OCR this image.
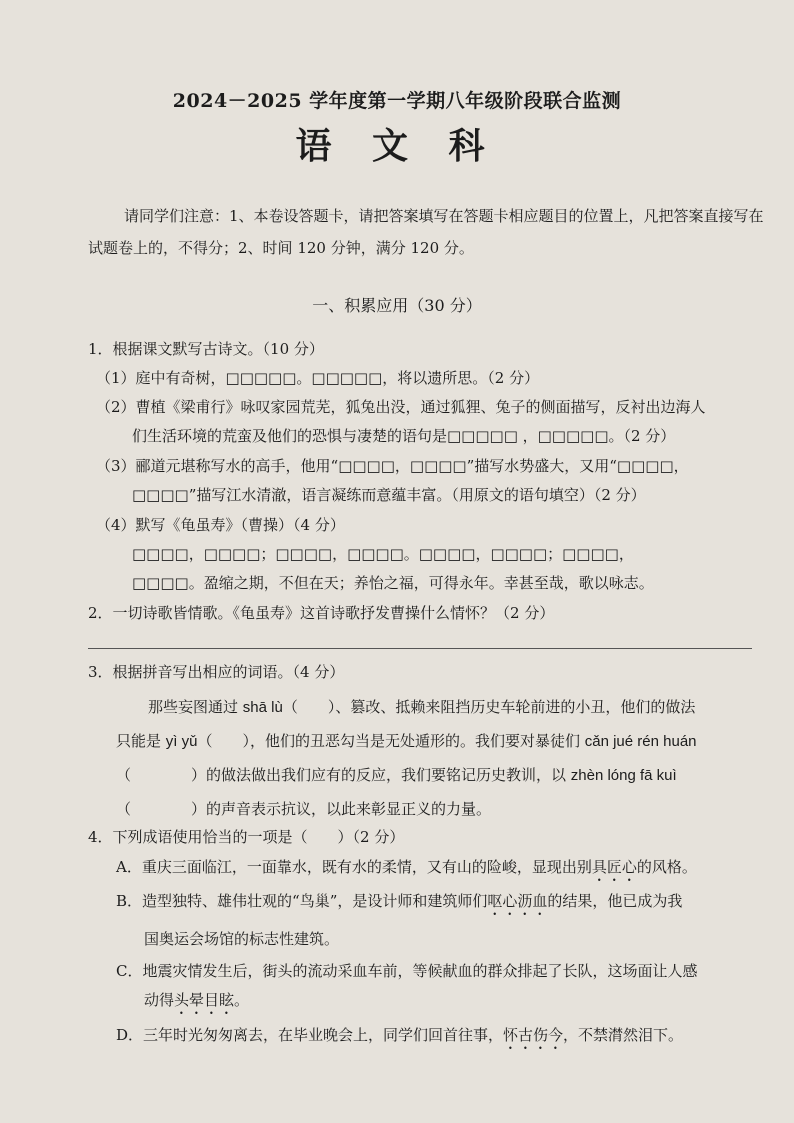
2024－2025 学年度第一学期八年级阶段联合监测
语 文 科
请同学们注意：1、本卷设答题卡，请把答案填写在答题卡相应题目的位置上，凡把答案直接写在试题卷上的，不得分；2、时间 120 分钟，满分 120 分。
一、积累应用（30 分）
1．根据课文默写古诗文。（10 分）
（1）庭中有奇树，□□□□□。□□□□□，将以遗所思。（2 分）
（2）曹植《梁甫行》咏叹家园荒芜，狐兔出没，通过狐狸、兔子的侧面描写，反衬出边海人
们生活环境的荒蛮及他们的恐惧与凄楚的语句是□□□□□ ，□□□□□。（2 分）
（3）郦道元堪称写水的高手，他用“□□□□，□□□□”描写水势盛大，又用“□□□□，
□□□□”描写江水清澈，语言凝练而意蕴丰富。（用原文的语句填空）（2 分）
（4）默写《龟虽寿》（曹操）（4 分）
□□□□，□□□□；□□□□，□□□□。□□□□，□□□□；□□□□，
□□□□。盈缩之期，不但在天；养怡之福，可得永年。幸甚至哉，歌以咏志。
2．一切诗歌皆情歌。《龟虽寿》这首诗歌抒发曹操什么情怀？（2 分）
3．根据拼音写出相应的词语。（4 分）
那些妄图通过 shā lù（　　）、篡改、抵赖来阻挡历史车轮前进的小丑，他们的做法
只能是 yì yǔ（　　），他们的丑恶勾当是无处遁形的。我们要对暴徒们 cǎn jué rén huán
（　　　　）的做法做出我们应有的反应，我们要铭记历史教训，以 zhèn lóng fā kuì
（　　　　）的声音表示抗议，以此来彰显正义的力量。
4．下列成语使用恰当的一项是（　　）（2 分）
A．重庆三面临江，一面靠水，既有水的柔情，又有山的险峻，显现出别具匠心的风格。
B．造型独特、雄伟壮观的“鸟巢”，是设计师和建筑师们呕心沥血的结果，他已成为我
国奥运会场馆的标志性建筑。
C．地震灾情发生后，街头的流动采血车前，等候献血的群众排起了长队，这场面让人感
动得头晕目眩。
D．三年时光匆匆离去，在毕业晚会上，同学们回首往事，怀古伤今，不禁潸然泪下。
